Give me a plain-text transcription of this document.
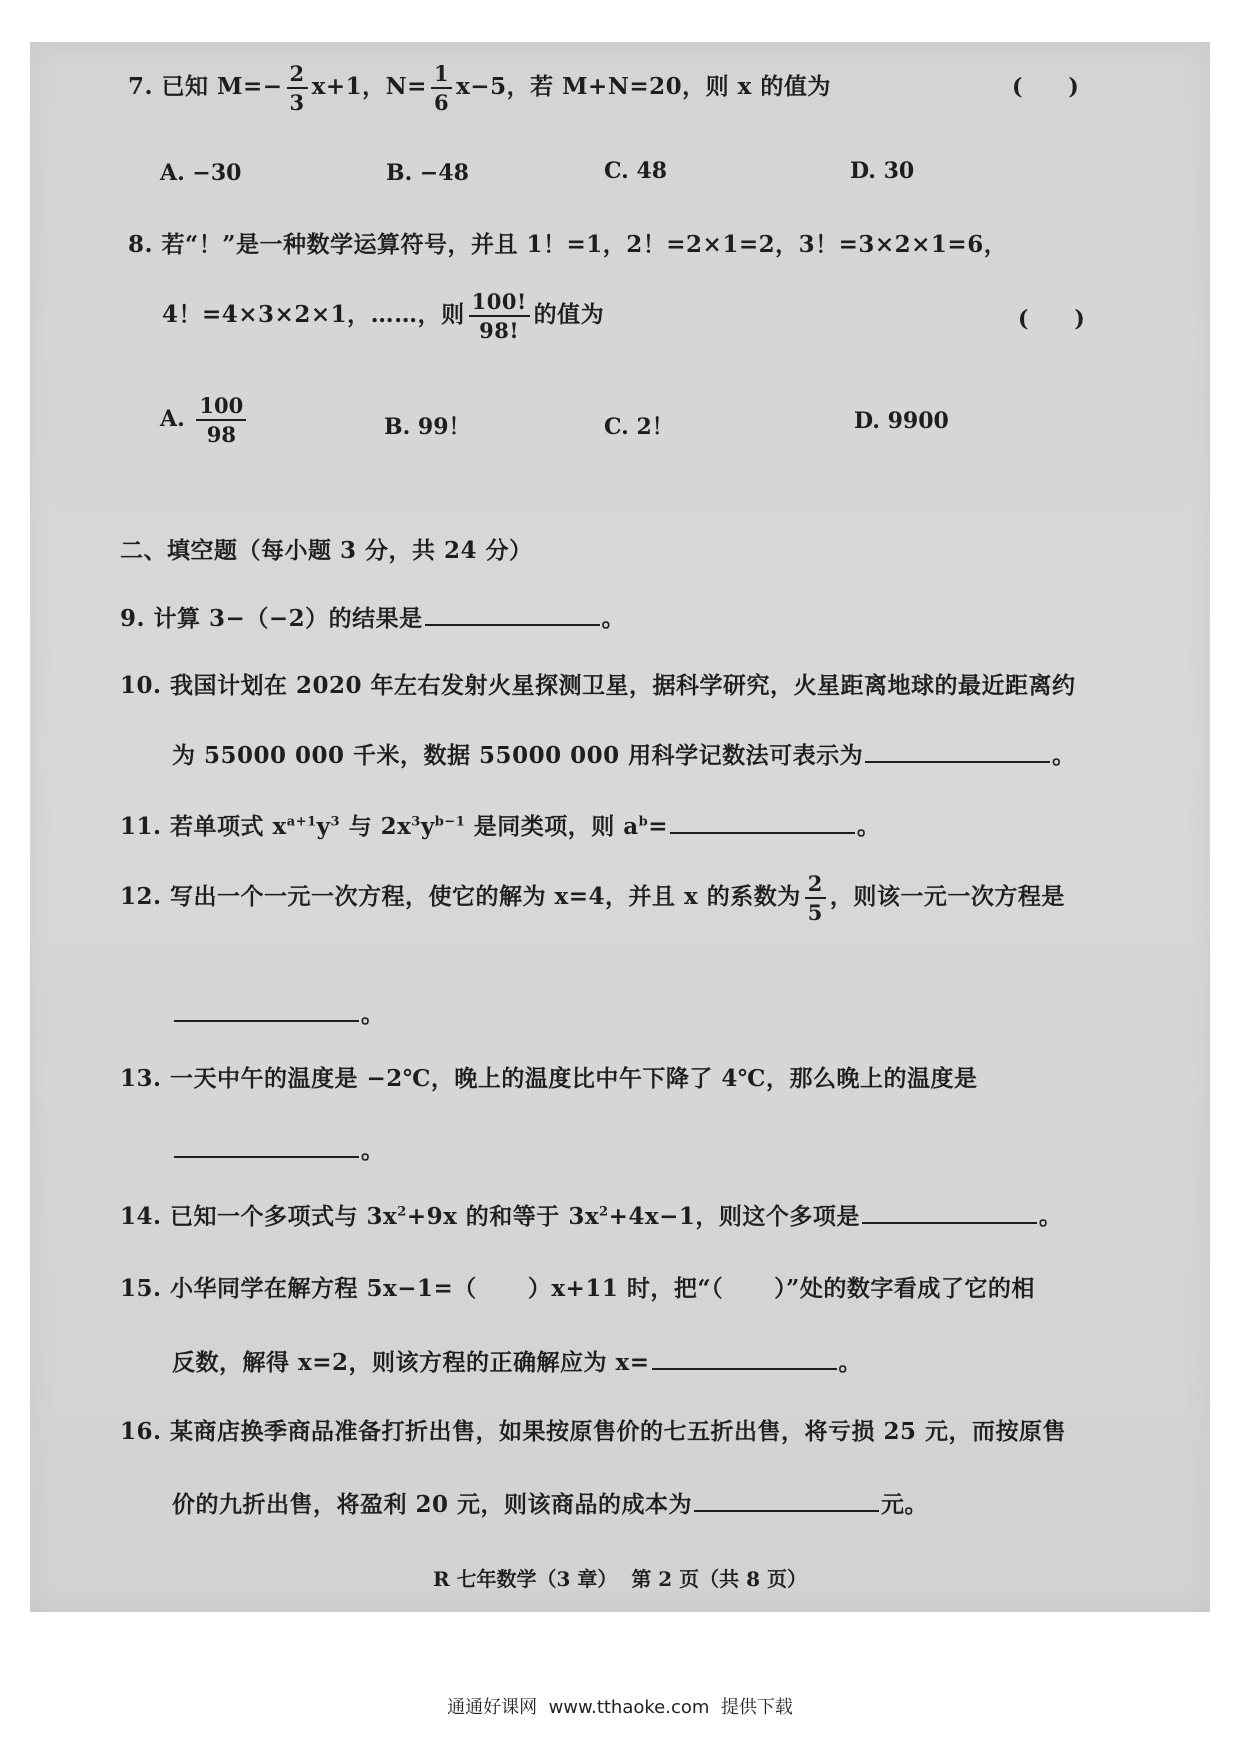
7. 已知 $M=- \frac{2}{3} x+1$，$N= \frac{1}{6} x-5$，若 M+N=20，则 x 的值为	(      )
A. −30	B. −48	C. 48	D. 30
8. 若“！”是一种数学运算符号，并且 1！=1，2！=2×1=2，3！=3×2×1=6，
4！=4×3×2×1，……，则 $\frac{100!}{98!}$ 的值为	(      )
A. $\frac{100}{98}$	B. 99！	C. 2！	D. 9900
二、填空题（每小题 3 分，共 24 分）
9. 计算 3−（−2）的结果是	。
10. 我国计划在 2020 年左右发射火星探测卫星，据科学研究，火星距离地球的最近距离约
为 55000 000 千米，数据 55000 000 用科学记数法可表示为	。
11. 若单项式 $x^{a+1}y^3$ 与 $2x^3y^{b-1}$ 是同类项，则 $a^b=$	。
12. 写出一个一元一次方程，使它的解为 x=4，并且 x 的系数为 $\frac{2}{5}$ ，则该一元一次方程是
。
13. 一天中午的温度是 −2℃，晚上的温度比中午下降了 4℃，那么晚上的温度是
。
14. 已知一个多项式与 $3x^2+9x$ 的和等于 $3x^2+4x-1$，则这个多项是	。
15. 小华同学在解方程 5x−1=（      ）x+11 时，把“（      ）”处的数字看成了它的相
反数，解得 x=2，则该方程的正确解应为 x=	。
16. 某商店换季商品准备打折出售，如果按原售价的七五折出售，将亏损 25 元，而按原售
价的九折出售，将盈利 20 元，则该商品的成本为	元。
R 七年数学（3 章）  第 2 页（共 8 页）
通通好课网  www.tthaoke.com  提供下载
